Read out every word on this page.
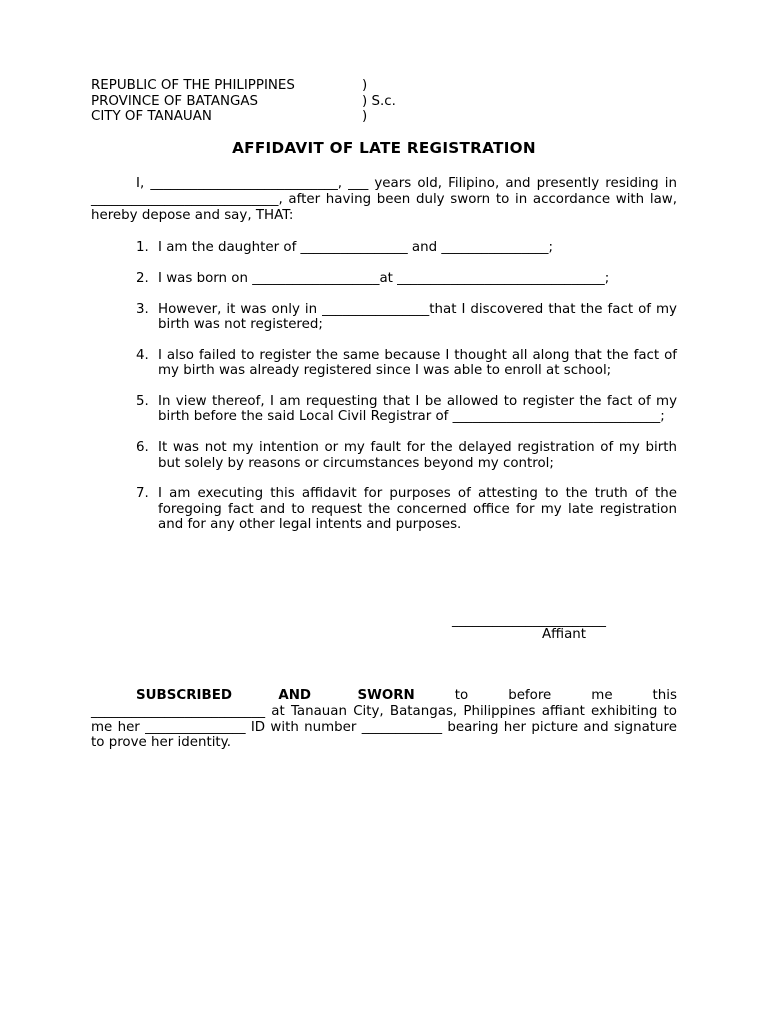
REPUBLIC OF THE PHILIPPINES	)
PROVINCE OF BATANGAS	) S.c.
CITY OF TANAUAN	)
AFFIDAVIT OF LATE REGISTRATION
I, ____________________________, ___ years old, Filipino, and presently residing in ____________________________, after having been duly sworn to in accordance with law, hereby depose and say, THAT:
1. I am the daughter of ________________ and ________________;
2. I was born on ___________________at _______________________________;
3. However, it was only in ________________that I discovered that the fact of my birth was not registered;
4. I also failed to register the same because I thought all along that the fact of my birth was already registered since I was able to enroll at school;
5. In view thereof, I am requesting that I be allowed to register the fact of my birth before the said Local Civil Registrar of _______________________________;
6. It was not my intention or my fault for the delayed registration of my birth but solely by reasons or circumstances beyond my control;
7. I am executing this affidavit for purposes of attesting to the truth of the foregoing fact and to request the concerned office for my late registration and for any other legal intents and purposes.
_______________________
Affiant
SUBSCRIBED AND SWORN to before me this __________________________ at Tanauan City, Batangas, Philippines affiant exhibiting to me her _______________ ID with number ____________ bearing her picture and signature to prove her identity.
